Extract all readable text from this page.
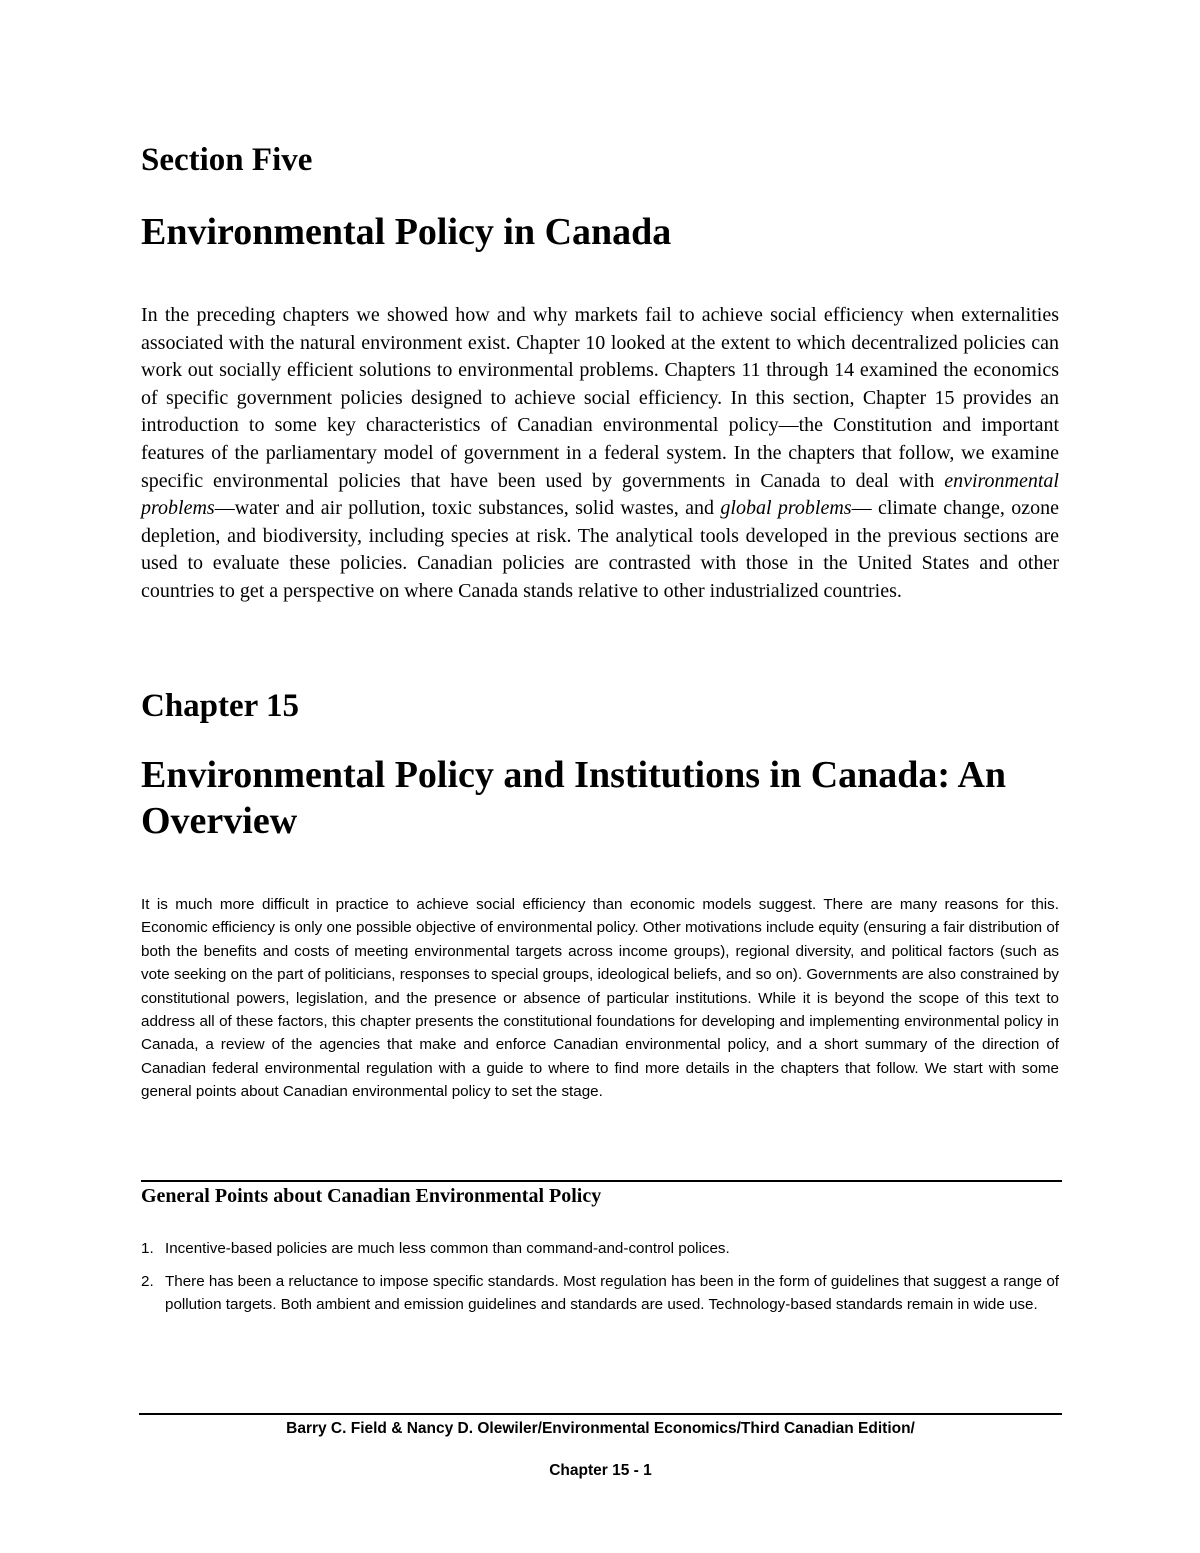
Section Five
Environmental Policy in Canada

In the preceding chapters we showed how and why markets fail to achieve social efficiency when externalities associated with the natural environment exist. Chapter 10 looked at the extent to which decentralized policies can work out socially efficient solutions to environmental problems. Chapters 11 through 14 examined the economics of specific government policies designed to achieve social efficiency. In this section, Chapter 15 provides an introduction to some key characteristics of Canadian environmental policy—the Constitution and important features of the parliamentary model of government in a federal system. In the chapters that follow, we examine specific environmental policies that have been used by governments in Canada to deal with environmental problems—water and air pollution, toxic substances, solid wastes, and global problems— climate change, ozone depletion, and biodiversity, including species at risk. The analytical tools developed in the previous sections are used to evaluate these policies. Canadian policies are contrasted with those in the United States and other countries to get a perspective on where Canada stands relative to other industrialized countries.

Chapter 15
Environmental Policy and Institutions in Canada: An Overview

It is much more difficult in practice to achieve social efficiency than economic models suggest. There are many reasons for this. Economic efficiency is only one possible objective of environmental policy. Other motivations include equity (ensuring a fair distribution of both the benefits and costs of meeting environmental targets across income groups), regional diversity, and political factors (such as vote seeking on the part of politicians, responses to special groups, ideological beliefs, and so on). Governments are also constrained by constitutional powers, legislation, and the presence or absence of particular institutions. While it is beyond the scope of this text to address all of these factors, this chapter presents the constitutional foundations for developing and implementing environmental policy in Canada, a review of the agencies that make and enforce Canadian environmental policy, and a short summary of the direction of Canadian federal environmental regulation with a guide to where to find more details in the chapters that follow. We start with some general points about Canadian environmental policy to set the stage.

General Points about Canadian Environmental Policy
1. Incentive-based policies are much less common than command-and-control polices.
2. There has been a reluctance to impose specific standards. Most regulation has been in the form of guidelines that suggest a range of pollution targets. Both ambient and emission guidelines and standards are used. Technology-based standards remain in wide use.

Barry C. Field & Nancy D. Olewiler/Environmental Economics/Third Canadian Edition/

Chapter 15 - 1
